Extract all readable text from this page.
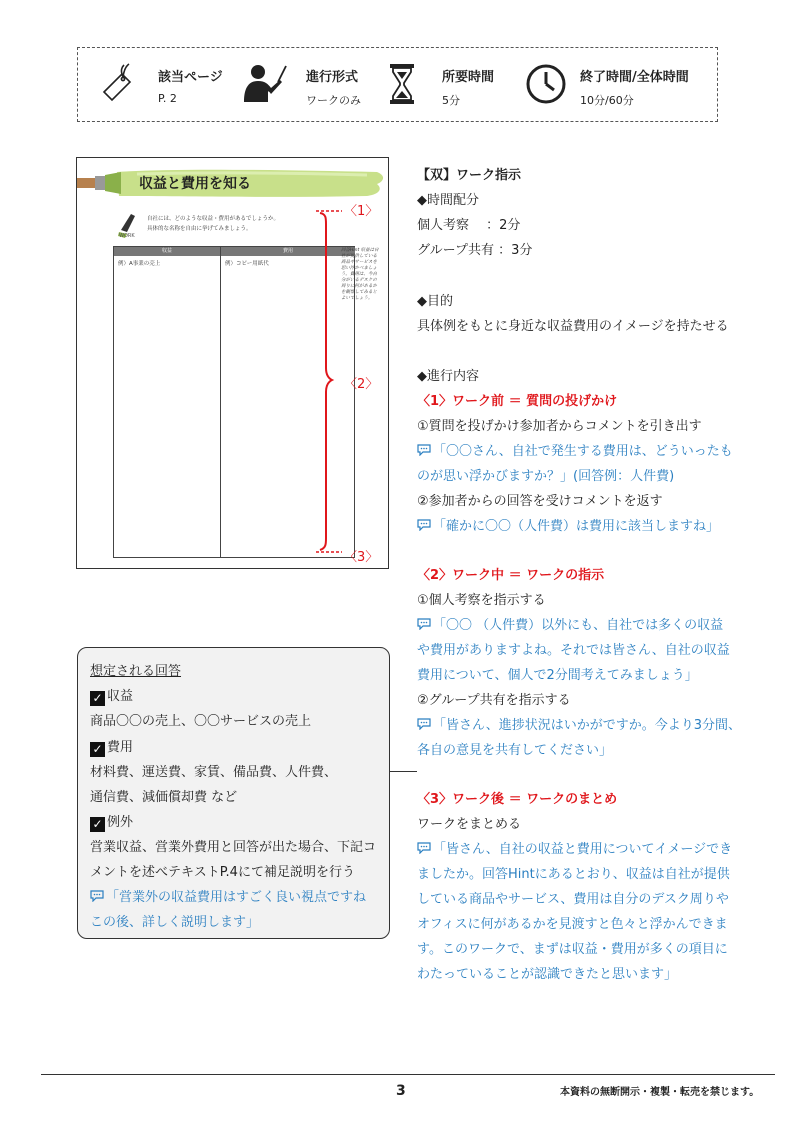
該当ページ
P. 2
進行形式
ワークのみ
所要時間
5分
終了時間/全体時間
10分/60分
収益と費用を知る
WORK
自社には、どのような収益・費用があるでしょうか。
具体的な名称を自由に挙げてみましょう。
収益	費用
例）A事業の売上	例）コピー用紙代
回答Hint 収益は自社が提供している商品やサービスを思い浮かべましょう。費用は、今自分がいるデスクの周りに何があるかを観察してみるとよいでしょう。
〈1〉
〈2〉
〈3〉
【双】ワーク指示
◆時間配分
個人考察　 ：2分
グループ共有 ：3分
◆目的
具体例をもとに身近な収益費用のイメージを持たせる
◆進行内容
〈1〉ワーク前 ＝ 質問の投げかけ
①質問を投げかけ参加者からコメントを引き出す
「〇〇さん、自社で発生する費用は、どういったも
のが思い浮かびますか？」(回答例：人件費)
②参加者からの回答を受けコメントを返す
「確かに〇〇（人件費）は費用に該当しますね」
〈2〉ワーク中 ＝ ワークの指示
①個人考察を指示する
「〇〇 （人件費）以外にも、自社では多くの収益
や費用がありますよね。それでは皆さん、自社の収益
費用について、個人で2分間考えてみましょう」
②グループ共有を指示する
「皆さん、進捗状況はいかがですか。今より3分間、
各自の意見を共有してください」
〈3〉ワーク後 ＝ ワークのまとめ
ワークをまとめる
「皆さん、自社の収益と費用についてイメージでき
ましたか。回答Hintにあるとおり、収益は自社が提供
している商品やサービス、費用は自分のデスク周りや
オフィスに何があるかを見渡すと色々と浮かんできま
す。このワークで、まずは収益・費用が多くの項目に
わたっていることが認識できたと思います」
想定される回答
✓ 収益
商品〇〇の売上、〇〇サービスの売上
✓ 費用
材料費、運送費、家賃、備品費、人件費、
通信費、減価償却費 など
✓ 例外
営業収益、営業外費用と回答が出た場合、下記コ
メントを述べテキストP.4にて補足説明を行う
「営業外の収益費用はすごく良い視点ですね
この後、詳しく説明します」
3	本資料の無断開示・複製・転売を禁じます。
